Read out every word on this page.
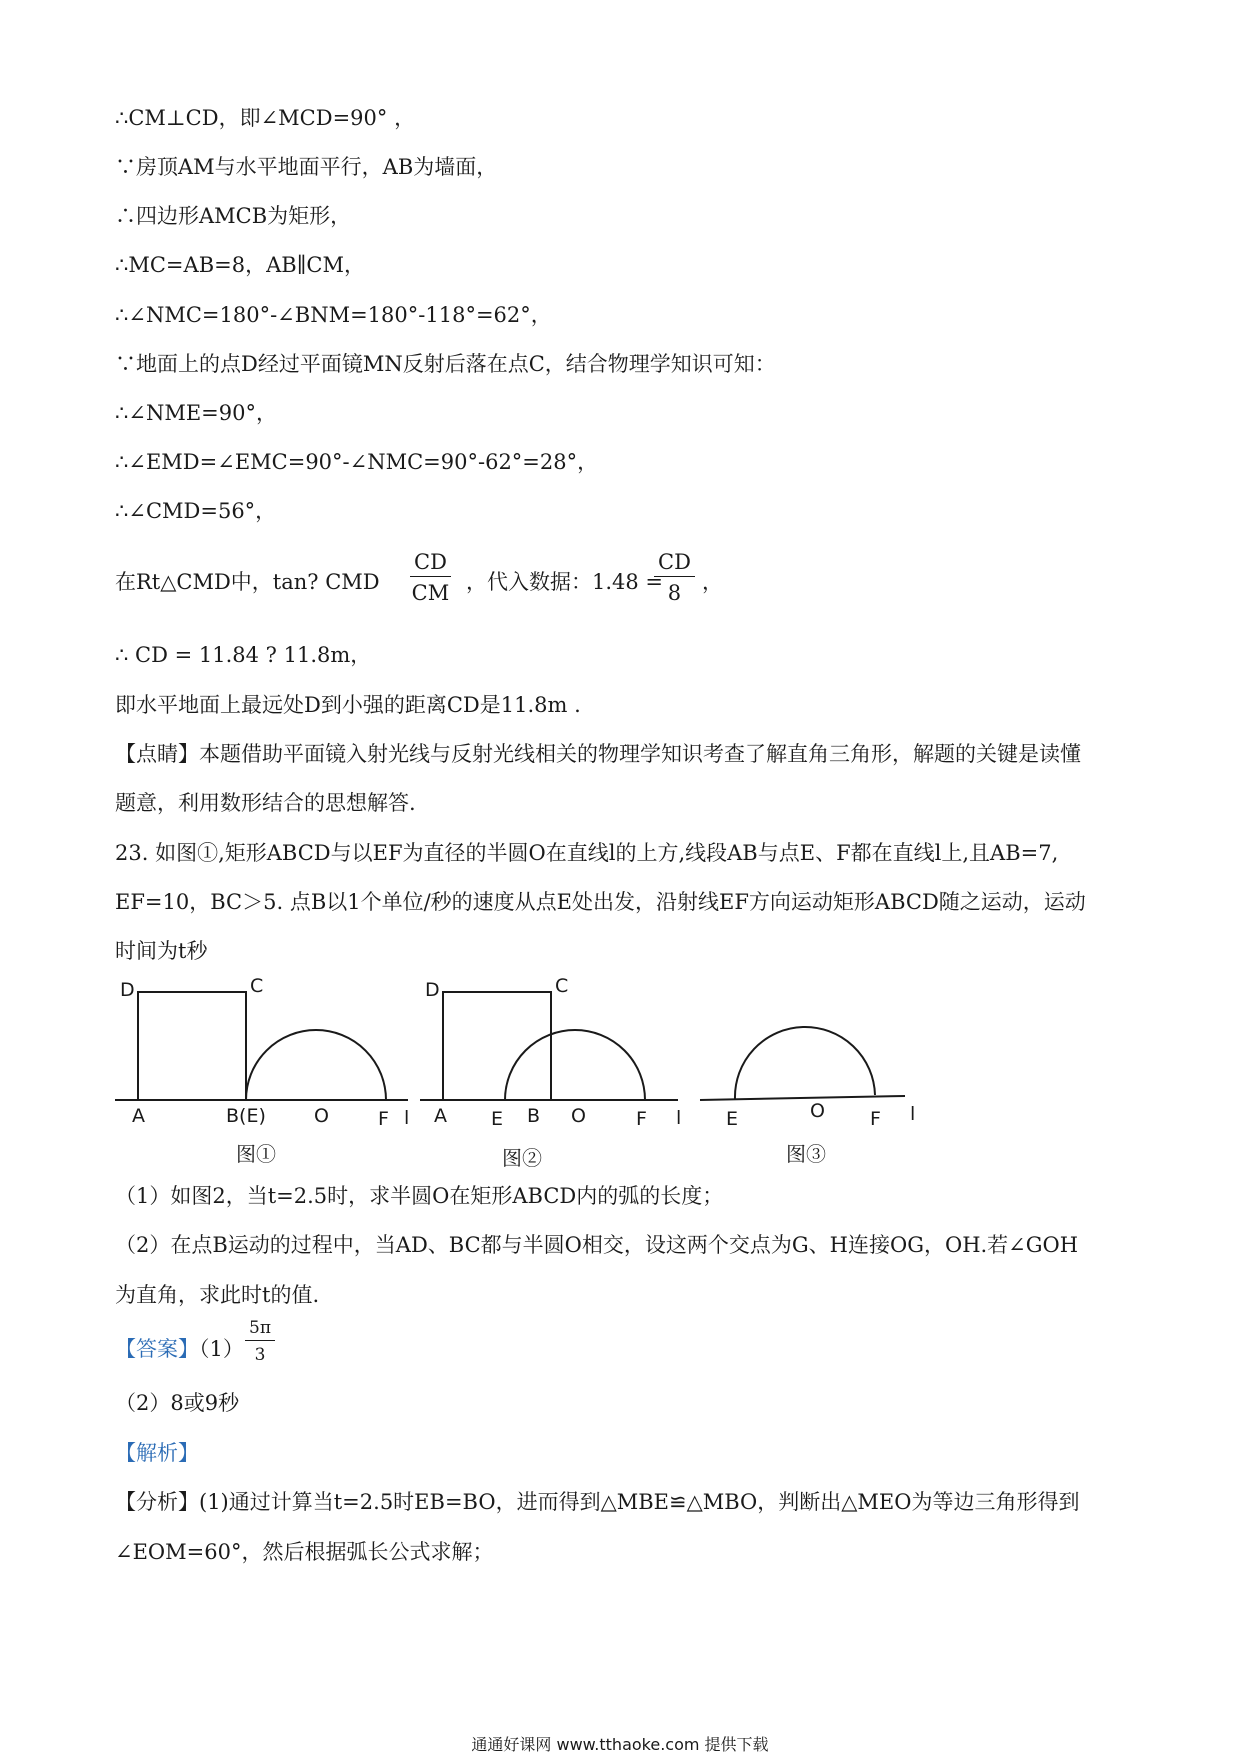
∴CM⊥CD，即∠MCD=90° ，
∵房顶AM与水平地面平行，AB为墙面，
∴四边形AMCB为矩形，
∴MC=AB=8，AB∥CM，
∴∠NMC=180°-∠BNM=180°-118°=62°，
∵地面上的点D经过平面镜MN反射后落在点C，结合物理学知识可知：
∴∠NME=90°，
∴∠EMD=∠EMC=90°-∠NMC=90°-62°=28°，
∴∠CMD=56°，
在Rt△CMD中，tan? CMD $\frac{CD}{CM}$ ，代入数据：1.48 =
$\frac{CD}{8}$ ，
∴ CD = 11.84 ? 11.8m，
即水平地面上最远处D到小强的距离CD是11.8m .
【点睛】本题借助平面镜入射光线与反射光线相关的物理学知识考查了解直角三角形，解题的关键是读懂
题意，利用数形结合的思想解答.
23. 如图①,矩形ABCD与以EF为直径的半圆O在直线l的上方,线段AB与点E、F都在直线l上,且AB=7,
EF=10，BC＞5. 点B以1个单位/秒的速度从点E处出发，沿射线EF方向运动矩形ABCD随之运动，运动
时间为t秒
D	C
A	B(E)	O	F l
图①
D	C
A E B O	F l
图②
E	O F l
图③
（1）如图2，当t=2.5时，求半圆O在矩形ABCD内的弧的长度；
（2）在点B运动的过程中，当AD、BC都与半圆O相交，设这两个交点为G、H连接OG，OH.若∠GOH
为直角，求此时t的值.
【答案】$(1) \frac{5\pi}{3}$
（2）8或9秒
【解析】
【分析】(1)通过计算当t=2.5时EB=BO，进而得到△MBE≌△MBO，判断出△MEO为等边三角形得到
∠EOM=60°，然后根据弧长公式求解；
通通好课网 www.tthaoke.com 提供下载
